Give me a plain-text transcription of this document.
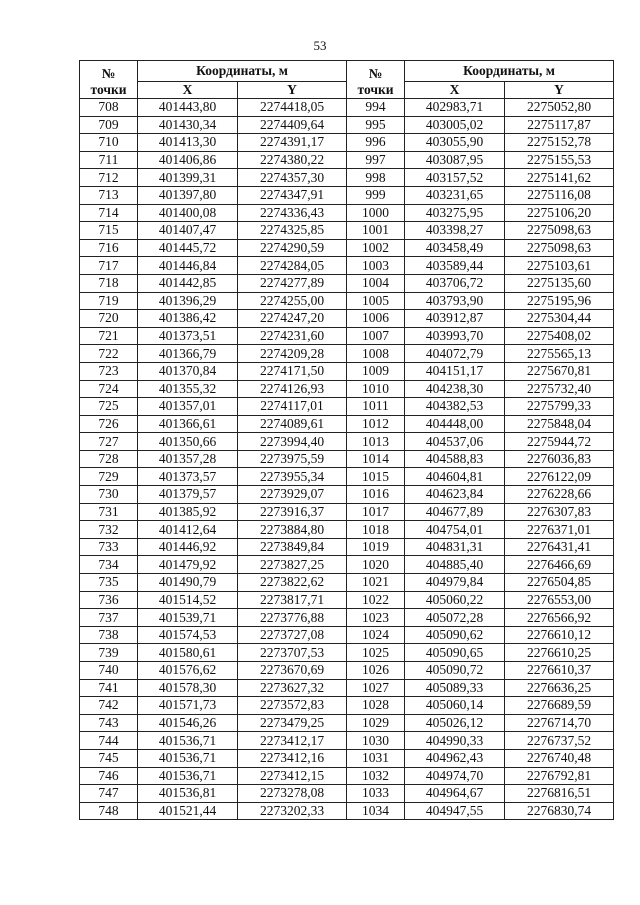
53
№	Координаты, м		№	Координаты, м	
точки	X	Y	точки	X	Y
708	401443,80	2274418,05	994	402983,71	2275052,80
709	401430,34	2274409,64	995	403005,02	2275117,87
710	401413,30	2274391,17	996	403055,90	2275152,78
711	401406,86	2274380,22	997	403087,95	2275155,53
712	401399,31	2274357,30	998	403157,52	2275141,62
713	401397,80	2274347,91	999	403231,65	2275116,08
714	401400,08	2274336,43	1000	403275,95	2275106,20
715	401407,47	2274325,85	1001	403398,27	2275098,63
716	401445,72	2274290,59	1002	403458,49	2275098,63
717	401446,84	2274284,05	1003	403589,44	2275103,61
718	401442,85	2274277,89	1004	403706,72	2275135,60
719	401396,29	2274255,00	1005	403793,90	2275195,96
720	401386,42	2274247,20	1006	403912,87	2275304,44
721	401373,51	2274231,60	1007	403993,70	2275408,02
722	401366,79	2274209,28	1008	404072,79	2275565,13
723	401370,84	2274171,50	1009	404151,17	2275670,81
724	401355,32	2274126,93	1010	404238,30	2275732,40
725	401357,01	2274117,01	1011	404382,53	2275799,33
726	401366,61	2274089,61	1012	404448,00	2275848,04
727	401350,66	2273994,40	1013	404537,06	2275944,72
728	401357,28	2273975,59	1014	404588,83	2276036,83
729	401373,57	2273955,34	1015	404604,81	2276122,09
730	401379,57	2273929,07	1016	404623,84	2276228,66
731	401385,92	2273916,37	1017	404677,89	2276307,83
732	401412,64	2273884,80	1018	404754,01	2276371,01
733	401446,92	2273849,84	1019	404831,31	2276431,41
734	401479,92	2273827,25	1020	404885,40	2276466,69
735	401490,79	2273822,62	1021	404979,84	2276504,85
736	401514,52	2273817,71	1022	405060,22	2276553,00
737	401539,71	2273776,88	1023	405072,28	2276566,92
738	401574,53	2273727,08	1024	405090,62	2276610,12
739	401580,61	2273707,53	1025	405090,65	2276610,25
740	401576,62	2273670,69	1026	405090,72	2276610,37
741	401578,30	2273627,32	1027	405089,33	2276636,25
742	401571,73	2273572,83	1028	405060,14	2276689,59
743	401546,26	2273479,25	1029	405026,12	2276714,70
744	401536,71	2273412,17	1030	404990,33	2276737,52
745	401536,71	2273412,16	1031	404962,43	2276740,48
746	401536,71	2273412,15	1032	404974,70	2276792,81
747	401536,81	2273278,08	1033	404964,67	2276816,51
748	401521,44	2273202,33	1034	404947,55	2276830,74
